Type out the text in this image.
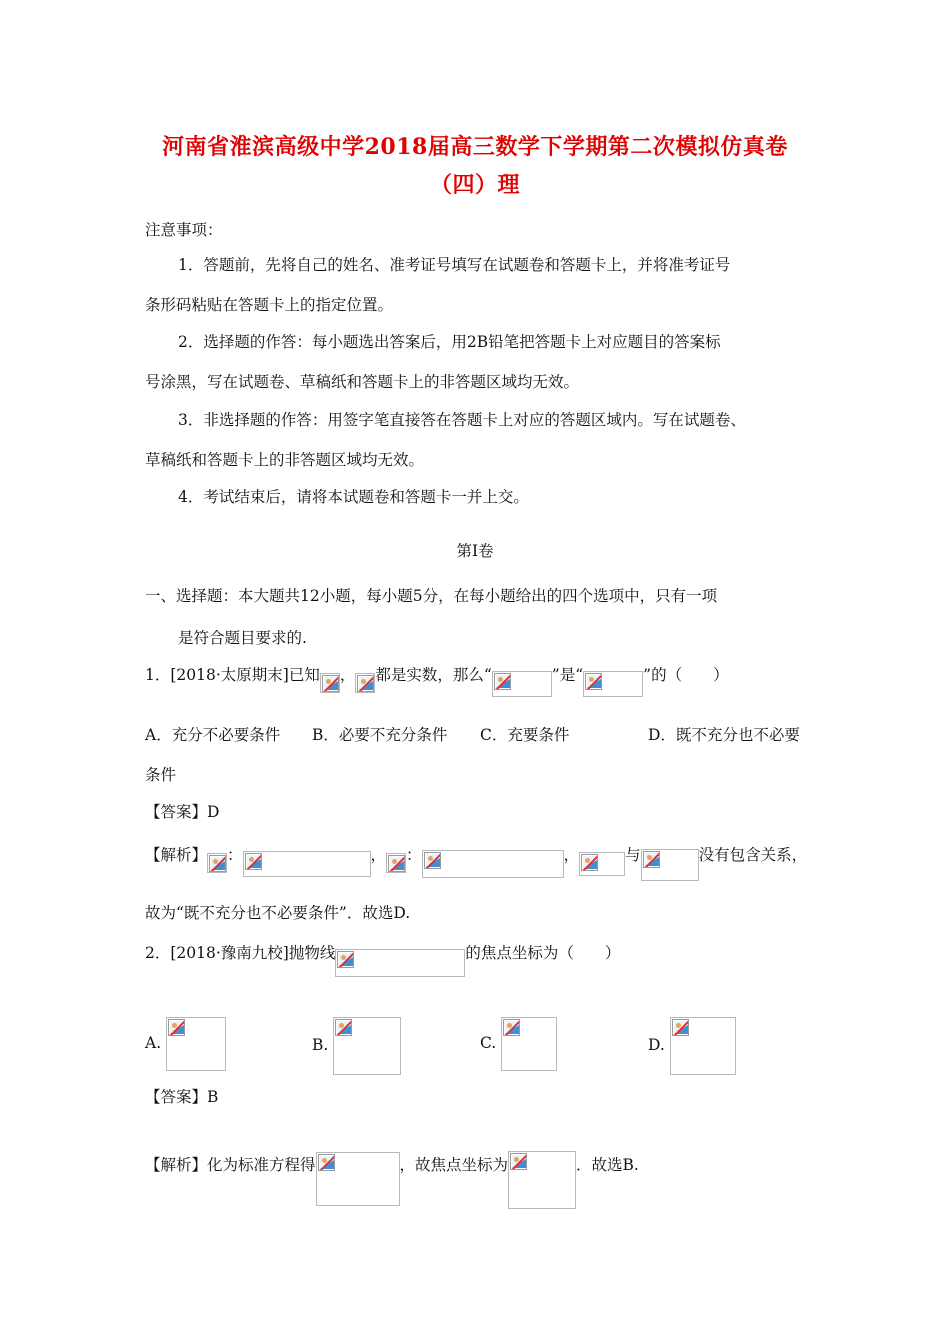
河南省淮滨高级中学2018届高三数学下学期第二次模拟仿真卷
（四）理
注意事项：
1．答题前，先将自己的姓名、准考证号填写在试题卷和答题卡上，并将准考证号
条形码粘贴在答题卡上的指定位置。
2．选择题的作答：每小题选出答案后，用2B铅笔把答题卡上对应题目的答案标
号涂黑，写在试题卷、草稿纸和答题卡上的非答题区域均无效。
3．非选择题的作答：用签字笔直接答在答题卡上对应的答题区域内。写在试题卷、
草稿纸和答题卡上的非答题区域均无效。
4．考试结束后，请将本试题卷和答题卡一并上交。
第Ⅰ卷
一、选择题：本大题共12小题，每小题5分，在每小题给出的四个选项中，只有一项
是符合题目要求的.
1．[2018·太原期末]已知 ， 都是实数，那么“	”是“	”的（　　）
A．充分不必要条件 B．必要不充分条件 C．充要条件	D．既不充分也不必要
条件
【答案】D
【解析】 ：	， ：	，	与	没有包含关系，
故为“既不充分也不必要条件”．故选D.
2．[2018·豫南九校]抛物线	的焦点坐标为（　　）
A.	B.	C.	D.
【答案】B
【解析】化为标准方程得	，故焦点坐标为	．故选B.
